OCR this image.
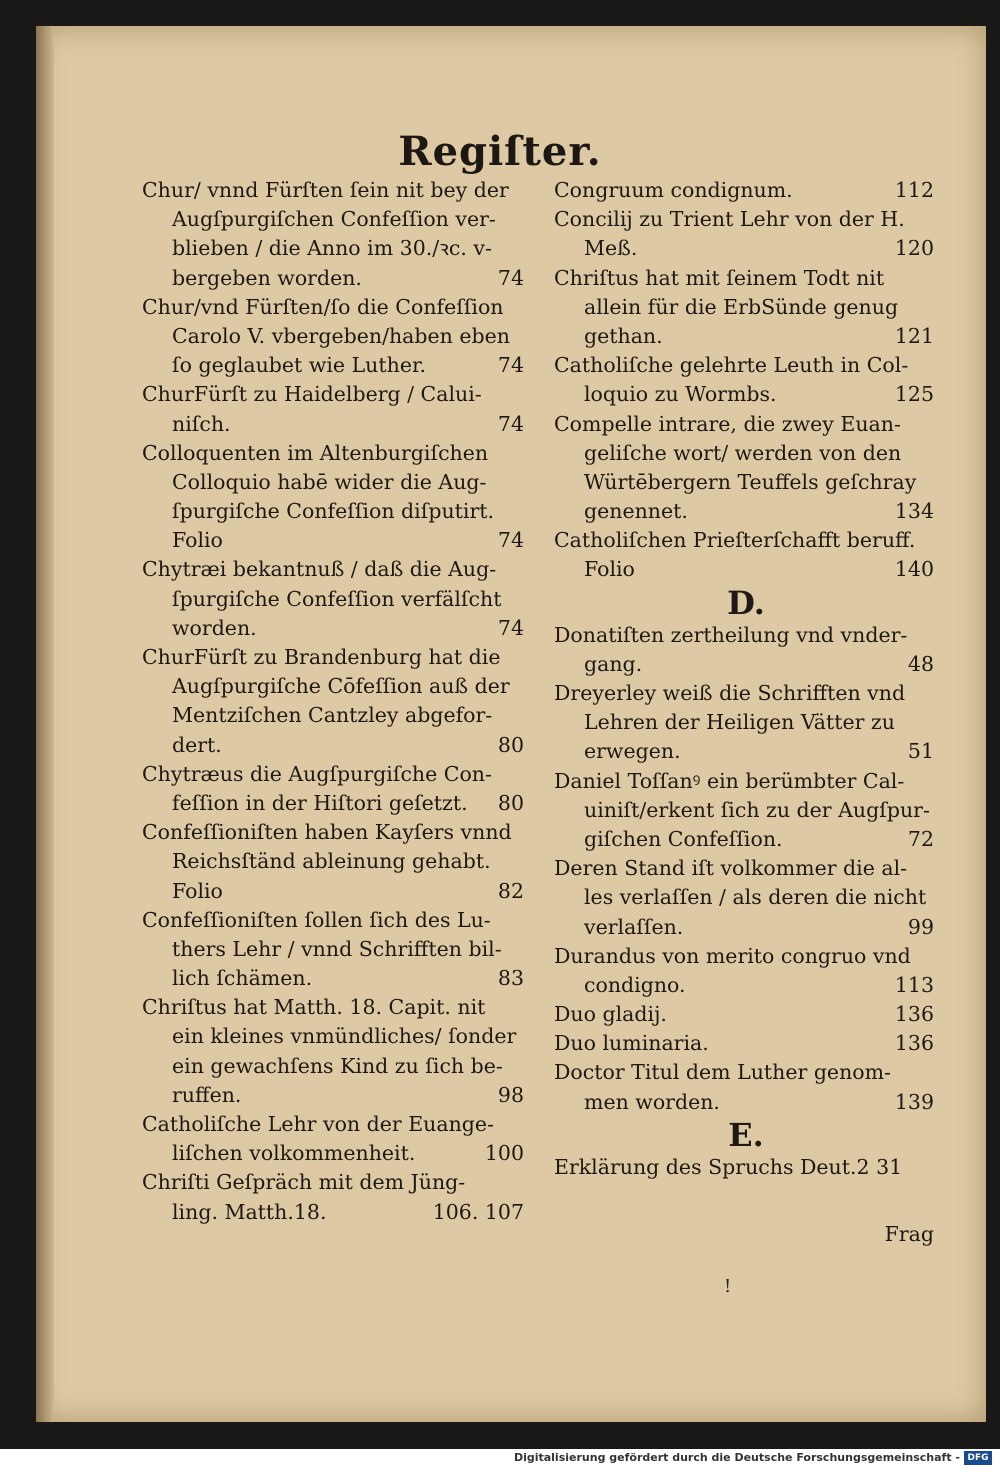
Regiſter.
Chur/ vnnd Fürſten ſein nit bey der
Augſpurgiſchen Confeſſion ver-
blieben / die Anno im 30./ꝛc. v-
bergeben worden.	74
Chur/vnd Fürſten/ſo die Confeſſion
Carolo V. vbergeben/haben eben
ſo geglaubet wie Luther.	74
ChurFürſt zu Haidelberg / Calui-
niſch.	74
Colloquenten im Altenburgiſchen
Colloquio habē wider die Aug-
ſpurgiſche Confeſſion diſputirt.
Folio	74
Chytræi bekantnuß / daß die Aug-
ſpurgiſche Confeſſion verfälſcht
worden.	74
ChurFürſt zu Brandenburg hat die
Augſpurgiſche Cōfeſſion auß der
Mentziſchen Cantzley abgefor-
dert.	80
Chytræus die Augſpurgiſche Con-
feſſion in der Hiſtori geſetzt.	80
Confeſſioniſten haben Kayſers vnnd
Reichsſtänd ableinung gehabt.
Folio	82
Confeſſioniſten ſollen ſich des Lu-
thers Lehr / vnnd Schrifften bil-
lich ſchämen.	83
Chriſtus hat Matth. 18. Capit. nit
ein kleines vnmündliches/ ſonder
ein gewachſens Kind zu ſich be-
ruffen.	98
Catholiſche Lehr von der Euange-
liſchen volkommenheit.	100
Chriſti Geſpräch mit dem Jüng-
ling. Matth.18.	106. 107
Congruum condignum.	112
Concilij zu Trient Lehr von der H.
Meß.	120
Chriſtus hat mit ſeinem Todt nit
allein für die ErbSünde genug
gethan.	121
Catholiſche gelehrte Leuth in Col-
loquio zu Wormbs.	125
Compelle intrare, die zwey Euan-
geliſche wort/ werden von den
Würtēbergern Teuffels geſchray
genennet.	134
Catholiſchen Prieſterſchafft beruff.
Folio	140
D.
Donatiſten zertheilung vnd vnder-
gang.	48
Dreyerley weiß die Schrifften vnd
Lehren der Heiligen Vätter zu
erwegen.	51
Daniel Toſſanꝰ ein berümbter Cal-
uiniſt/erkent ſich zu der Augſpur-
giſchen Confeſſion.	72
Deren Stand iſt volkommer die al-
les verlaſſen / als deren die nicht
verlaſſen.	99
Durandus von merito congruo vnd
condigno.	113
Duo gladij.	136
Duo luminaria.	136
Doctor Titul dem Luther genom-
men worden.	139
E.
Erklärung des Spruchs Deut.2 31
Frag
!
Digitalisierung gefördert durch die Deutsche Forschungsgemeinschaft - DFG
